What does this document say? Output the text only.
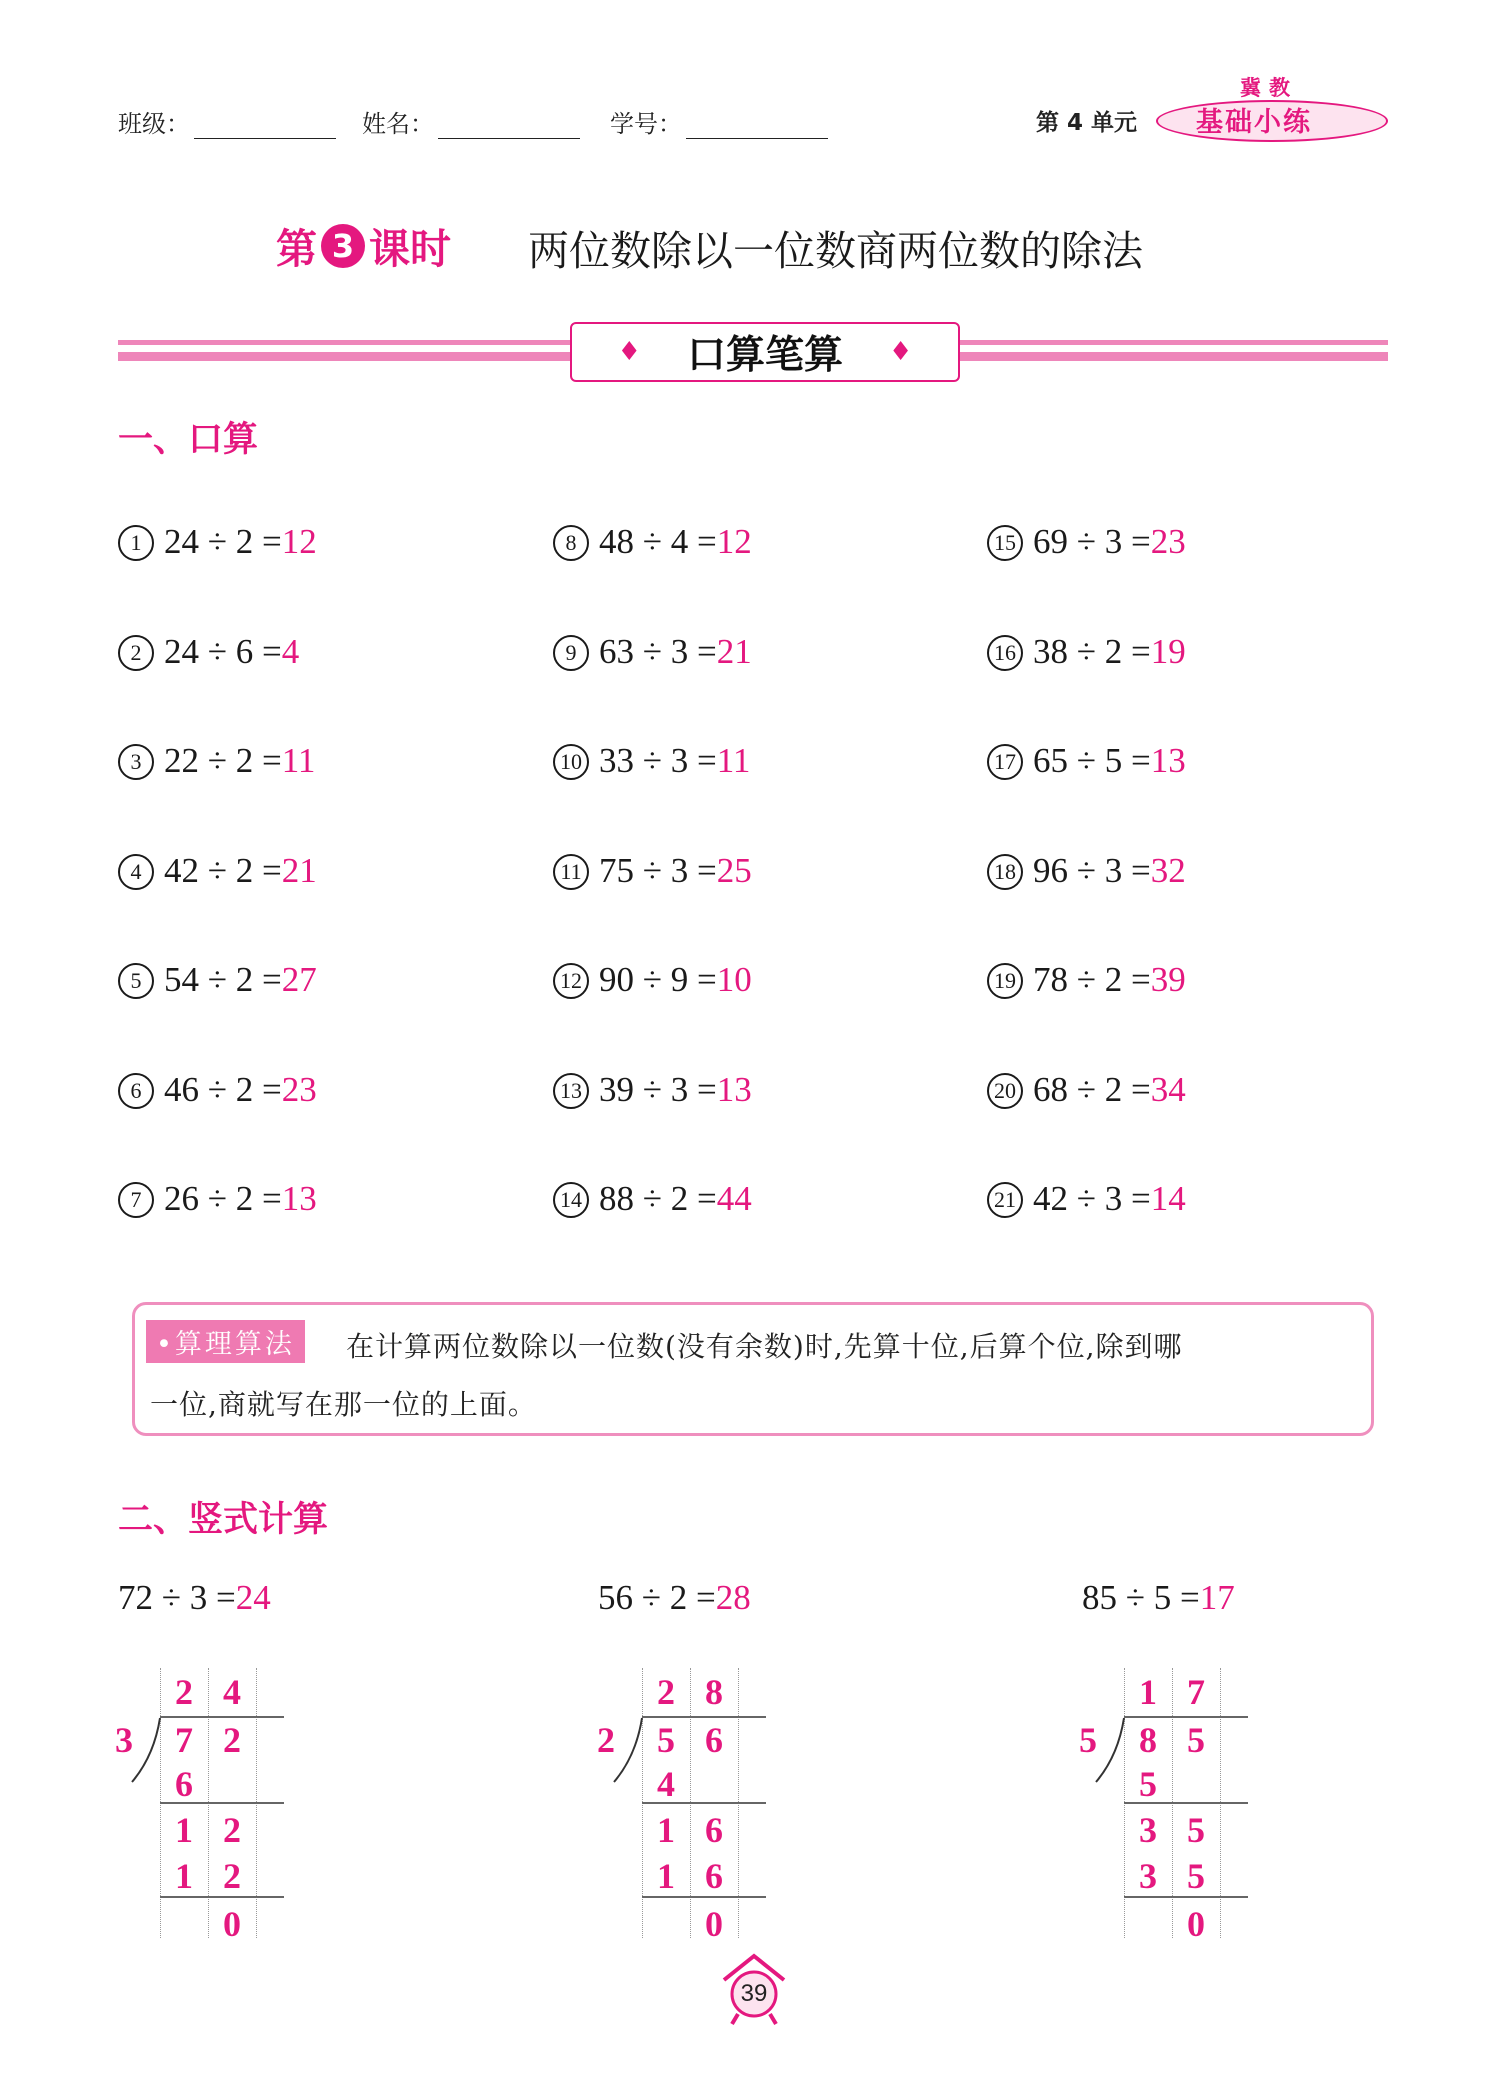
班级：	姓名：	学号：	第 4 单元
冀教
基础小练
第 3 课时 两位数除以一位数商两位数的除法
♦ 口算笔算 ♦
一、口算
1 24 ÷ 2 =12
2 24 ÷ 6 =4
3 22 ÷ 2 =11
4 42 ÷ 2 =21
5 54 ÷ 2 =27
6 46 ÷ 2 =23
7 26 ÷ 2 =13
8 48 ÷ 4 =12
9 63 ÷ 3 =21
10 33 ÷ 3 =11
11 75 ÷ 3 =25
12 90 ÷ 9 =10
13 39 ÷ 3 =13
14 88 ÷ 2 =44
15 69 ÷ 3 =23
16 38 ÷ 2 =19
17 65 ÷ 5 =13
18 96 ÷ 3 =32
19 78 ÷ 2 =39
20 68 ÷ 2 =34
21 42 ÷ 3 =14
•算理算法	在计算两位数除以一位数(没有余数)时,先算十位,后算个位,除到哪
一位,商就写在那一位的上面。
二、竖式计算
72 ÷ 3 =24	56 ÷ 2 =28	85 ÷ 5 =17
3
2 4
7 2
6
1 2
1 2
0
2
2 8
5 6
4
1 6
1 6
0
5
1 7
8 5
5
3 5
3 5
0
39
